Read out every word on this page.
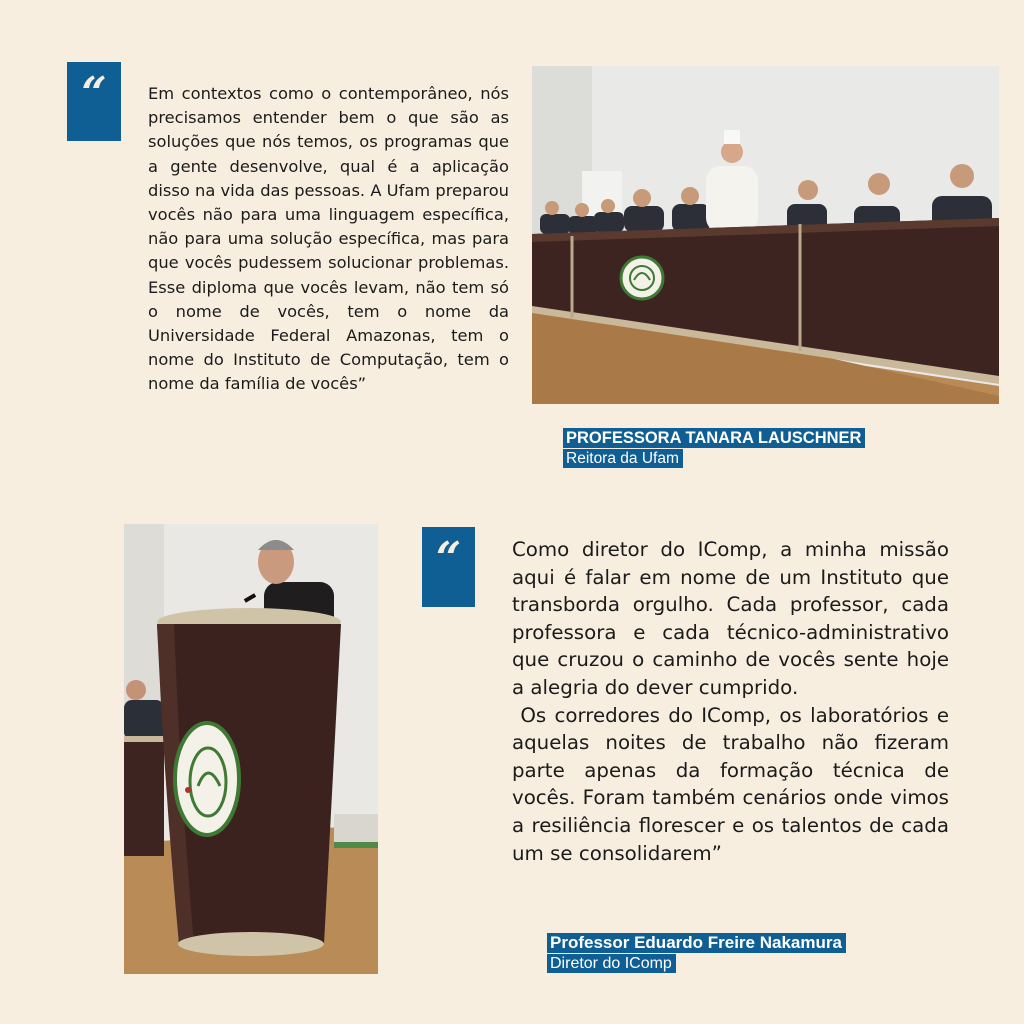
“	Em contextos como o contemporâneo, nós precisamos entender bem o que são as soluções que nós temos, os programas que a gente desenvolve, qual é a aplicação disso na vida das pessoas. A Ufam preparou vocês não para uma linguagem específica, não para uma solução específica, mas para que vocês pudessem solucionar problemas. Esse diploma que vocês levam, não tem só o nome de vocês, tem o nome da Universidade Federal Amazonas, tem o nome do Instituto de Computação, tem o nome da família de vocês”
PROFESSORA TANARA LAUSCHNER
Reitora da Ufam
“	Como diretor do IComp, a minha missão aqui é falar em nome de um Instituto que transborda orgulho. Cada professor, cada professora e cada técnico-administrativo que cruzou o caminho de vocês sente hoje a alegria do dever cumprido.

Os corredores do IComp, os laboratórios e aquelas noites de trabalho não fizeram parte apenas da formação técnica de vocês. Foram também cenários onde vimos a resiliência florescer e os talentos de cada um se consolidarem”

Professor Eduardo Freire Nakamura
Diretor do IComp
